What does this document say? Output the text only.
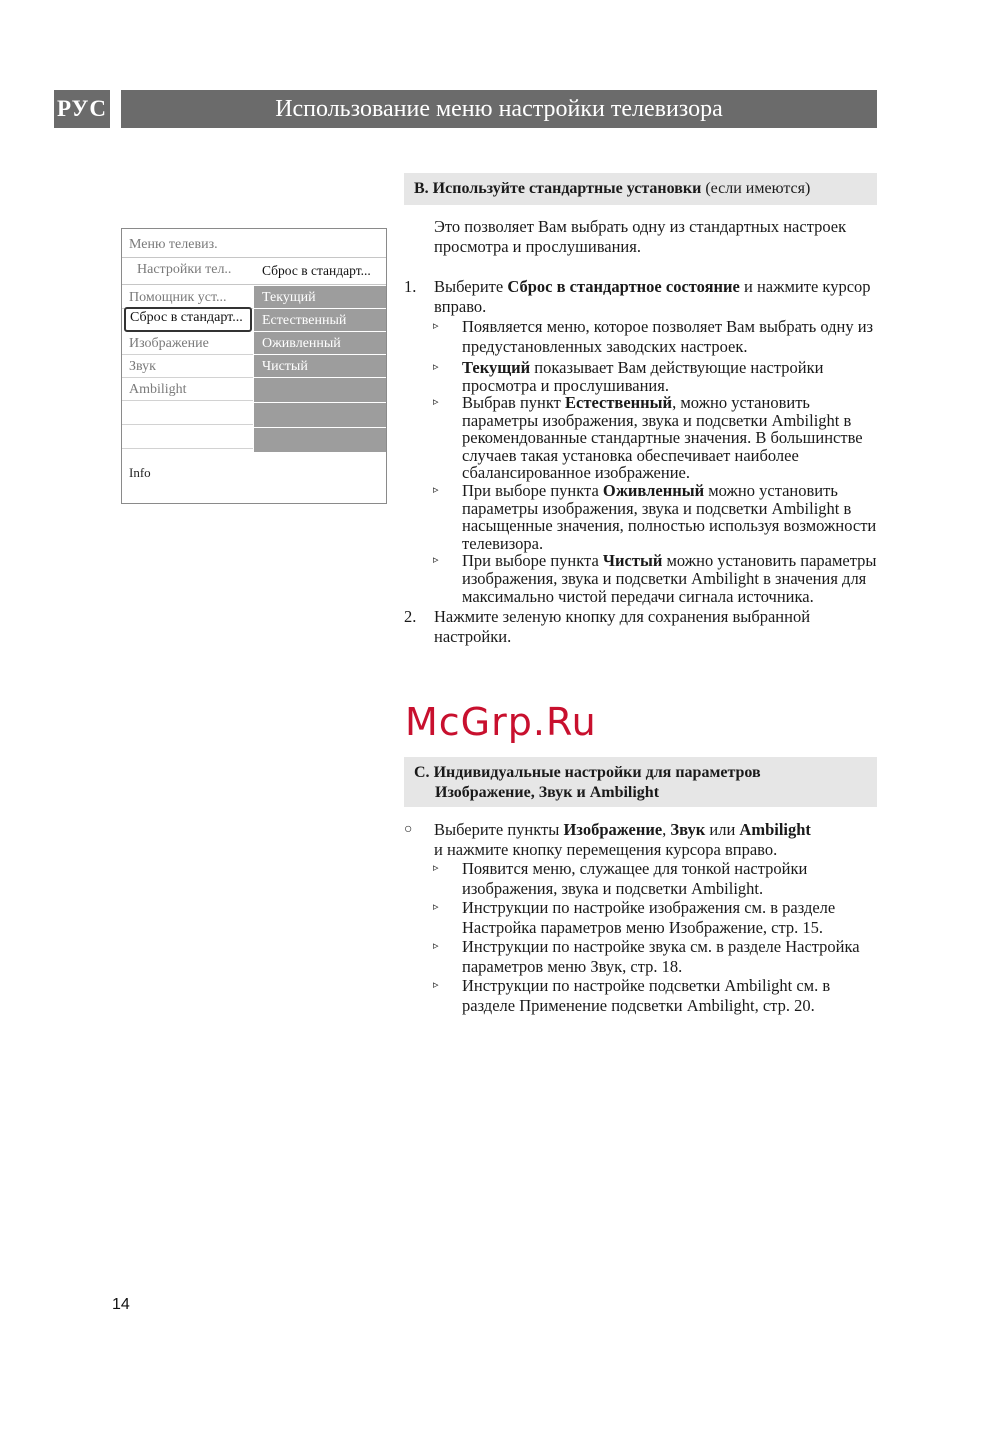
РУС	Использование меню настройки телевизора
Меню телевиз.
Настройки тел.. Сброс в стандарт...
Помощник уст...
Сброс в стандарт...
Изображение
Звук
Ambilight
Текущий
Естественный
Оживленный
Чистый
Info
B. Используйте стандартные установки (если имеются)
Это позволяет Вам выбрать одну из стандартных настроек просмотра и прослушивания.
1. Выберите Сброс в стандартное состояние и нажмите курсор вправо.
▹ Появляется меню, которое позволяет Вам выбрать одну из предустановленных заводских настроек.
▹ Текущий показывает Вам действующие настройки просмотра и прослушивания.
▹ Выбрав пункт Естественный, можно установить параметры изображения, звука и подсветки Ambilight в рекомендованные стандартные значения. В большинстве случаев такая установка обеспечивает наиболее сбалансированное изображение.
▹ При выборе пункта Оживленный можно установить параметры изображения, звука и подсветки Ambilight в насыщенные значения, полностью используя возможности телевизора.
▹ При выборе пункта Чистый можно установить параметры изображения, звука и подсветки Ambilight в значения для максимально чистой передачи сигнала источника.
2. Нажмите зеленую кнопку для сохранения выбранной настройки.
McGrp.Ru
C. Индивидуальные настройки для параметров
Изображение, Звук и Ambilight
○ Выберите пункты Изображение, Звук или Ambilight
и нажмите кнопку перемещения курсора вправо.
▹ Появится меню, служащее для тонкой настройки изображения, звука и подсветки Ambilight.
▹ Инструкции по настройке изображения см. в разделе Настройка параметров меню Изображение, стр. 15.
▹ Инструкции по настройке звука см. в разделе Настройка параметров меню Звук, стр. 18.
▹ Инструкции по настройке подсветки Ambilight см. в разделе Применение подсветки Ambilight, стр. 20.
14
